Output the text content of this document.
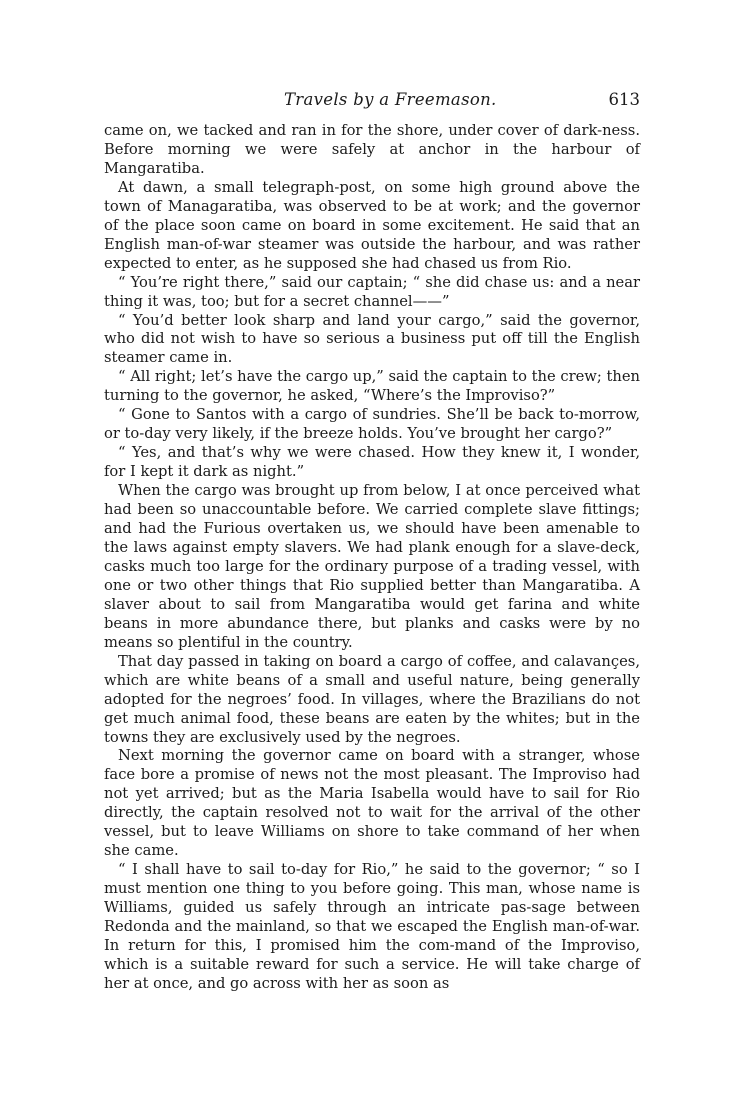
Travels by a Freemason.	613

came on, we tacked and ran in for the shore, under cover of dark-ness. Before morning we were safely at anchor in the harbour of Mangaratiba.

At dawn, a small telegraph-post, on some high ground above the town of Managaratiba, was observed to be at work; and the governor of the place soon came on board in some excitement. He said that an English man-of-war steamer was outside the harbour, and was rather expected to enter, as he supposed she had chased us from Rio.

“ You’re right there,” said our captain; “ she did chase us: and a near thing it was, too; but for a secret channel——”

“ You’d better look sharp and land your cargo,” said the governor, who did not wish to have so serious a business put off till the English steamer came in.

“ All right; let’s have the cargo up,” said the captain to the crew; then turning to the governor, he asked, “Where’s the Improviso?”

“ Gone to Santos with a cargo of sundries. She’ll be back to-morrow, or to-day very likely, if the breeze holds. You’ve brought her cargo?”

“ Yes, and that’s why we were chased. How they knew it, I wonder, for I kept it dark as night.”

When the cargo was brought up from below, I at once perceived what had been so unaccountable before. We carried complete slave fittings; and had the Furious overtaken us, we should have been amenable to the laws against empty slavers. We had plank enough for a slave-deck, casks much too large for the ordinary purpose of a trading vessel, with one or two other things that Rio supplied better than Mangaratiba. A slaver about to sail from Mangaratiba would get farina and white beans in more abundance there, but planks and casks were by no means so plentiful in the country.

That day passed in taking on board a cargo of coffee, and calavanҫes, which are white beans of a small and useful nature, being generally adopted for the negroes’ food. In villages, where the Brazilians do not get much animal food, these beans are eaten by the whites; but in the towns they are exclusively used by the negroes.

Next morning the governor came on board with a stranger, whose face bore a promise of news not the most pleasant. The Improviso had not yet arrived; but as the Maria Isabella would have to sail for Rio directly, the captain resolved not to wait for the arrival of the other vessel, but to leave Williams on shore to take command of her when she came.

“ I shall have to sail to-day for Rio,” he said to the governor; “ so I must mention one thing to you before going. This man, whose name is Williams, guided us safely through an intricate pas-sage between Redonda and the mainland, so that we escaped the English man-of-war. In return for this, I promised him the com-mand of the Improviso, which is a suitable reward for such a service. He will take charge of her at once, and go across with her as soon as
